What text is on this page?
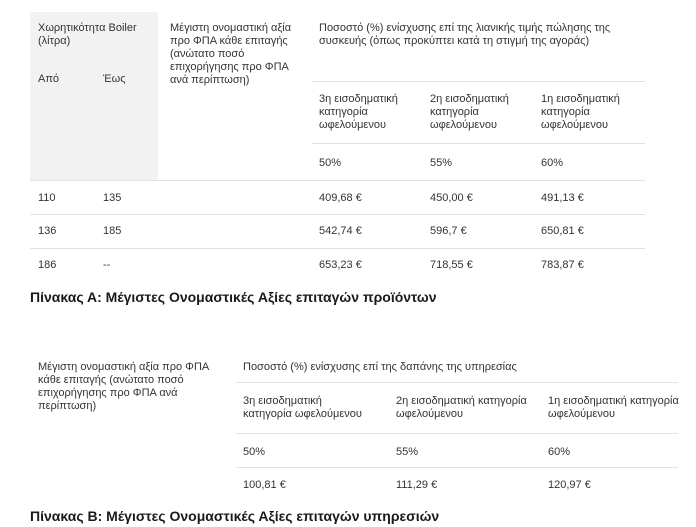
Χωρητικότητα Boiler (λίτρα)
Από	Έως
Μέγιστη ονομαστική αξία προ ΦΠΑ κάθε επιταγής (ανώτατο ποσό επιχορήγησης προ ΦΠΑ ανά περίπτωση)
Ποσοστό (%) ενίσχυσης επί της λιανικής τιμής πώλησης της συσκευής (όπως προκύπτει κατά τη στιγμή της αγοράς)
3η εισοδηματική κατηγορία ωφελούμενου
2η εισοδηματική κατηγορία ωφελούμενου
1η εισοδηματική κατηγορία ωφελούμενου
50%	55%	60%
110	135	409,68 €	450,00 €	491,13 €
136	185	542,74 €	596,7 €	650,81 €
186	--	653,23 €	718,55 €	783,87 €
Πίνακας Α: Μέγιστες Ονομαστικές Αξίες επιταγών προϊόντων
Μέγιστη ονομαστική αξία προ ΦΠΑ κάθε επιταγής (ανώτατο ποσό επιχορήγησης προ ΦΠΑ ανά περίπτωση)
Ποσοστό (%) ενίσχυσης επί της δαπάνης της υπηρεσίας
3η εισοδηματική κατηγορία ωφελούμενου
2η εισοδηματική κατηγορία ωφελούμενου
1η εισοδηματική κατηγορία ωφελούμενου
50%	55%	60%
100,81 €	111,29 €	120,97 €
Πίνακας Β: Μέγιστες Ονομαστικές Αξίες επιταγών υπηρεσιών
